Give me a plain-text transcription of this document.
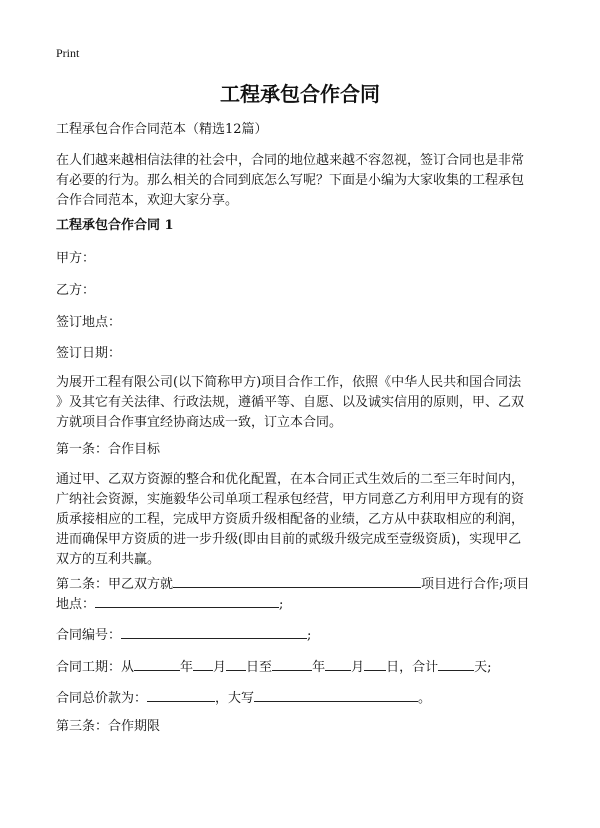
Print
工程承包合作合同

工程承包合作合同范本（精选12篇）

在人们越来越相信法律的社会中，合同的地位越来越不容忽视，签订合同也是非常
有必要的行为。那么相关的合同到底怎么写呢？下面是小编为大家收集的工程承包
合作合同范本，欢迎大家分享。

工程承包合作合同 1

甲方：

乙方：

签订地点：

签订日期：

为展开工程有限公司(以下简称甲方)项目合作工作，依照《中华人民共和国合同法
》及其它有关法律、行政法规，遵循平等、自愿、以及诚实信用的原则，甲、乙双
方就项目合作事宜经协商达成一致，订立本合同。

第一条：合作目标

通过甲、乙双方资源的整合和优化配置，在本合同正式生效后的二至三年时间内，
广纳社会资源，实施毅华公司单项工程承包经营，甲方同意乙方利用甲方现有的资
质承接相应的工程，完成甲方资质升级相配备的业绩，乙方从中获取相应的利润，
进而确保甲方资质的进一步升级(即由目前的贰级升级完成至壹级资质)，实现甲乙
双方的互利共赢。
第二条：甲乙双方就	项目进行合作;项目
地点：	;
合同编号：	;
合同工期：从	年 月 日至	年 月 日，合计	天;
合同总价款为：	，大写	。

第三条：合作期限
